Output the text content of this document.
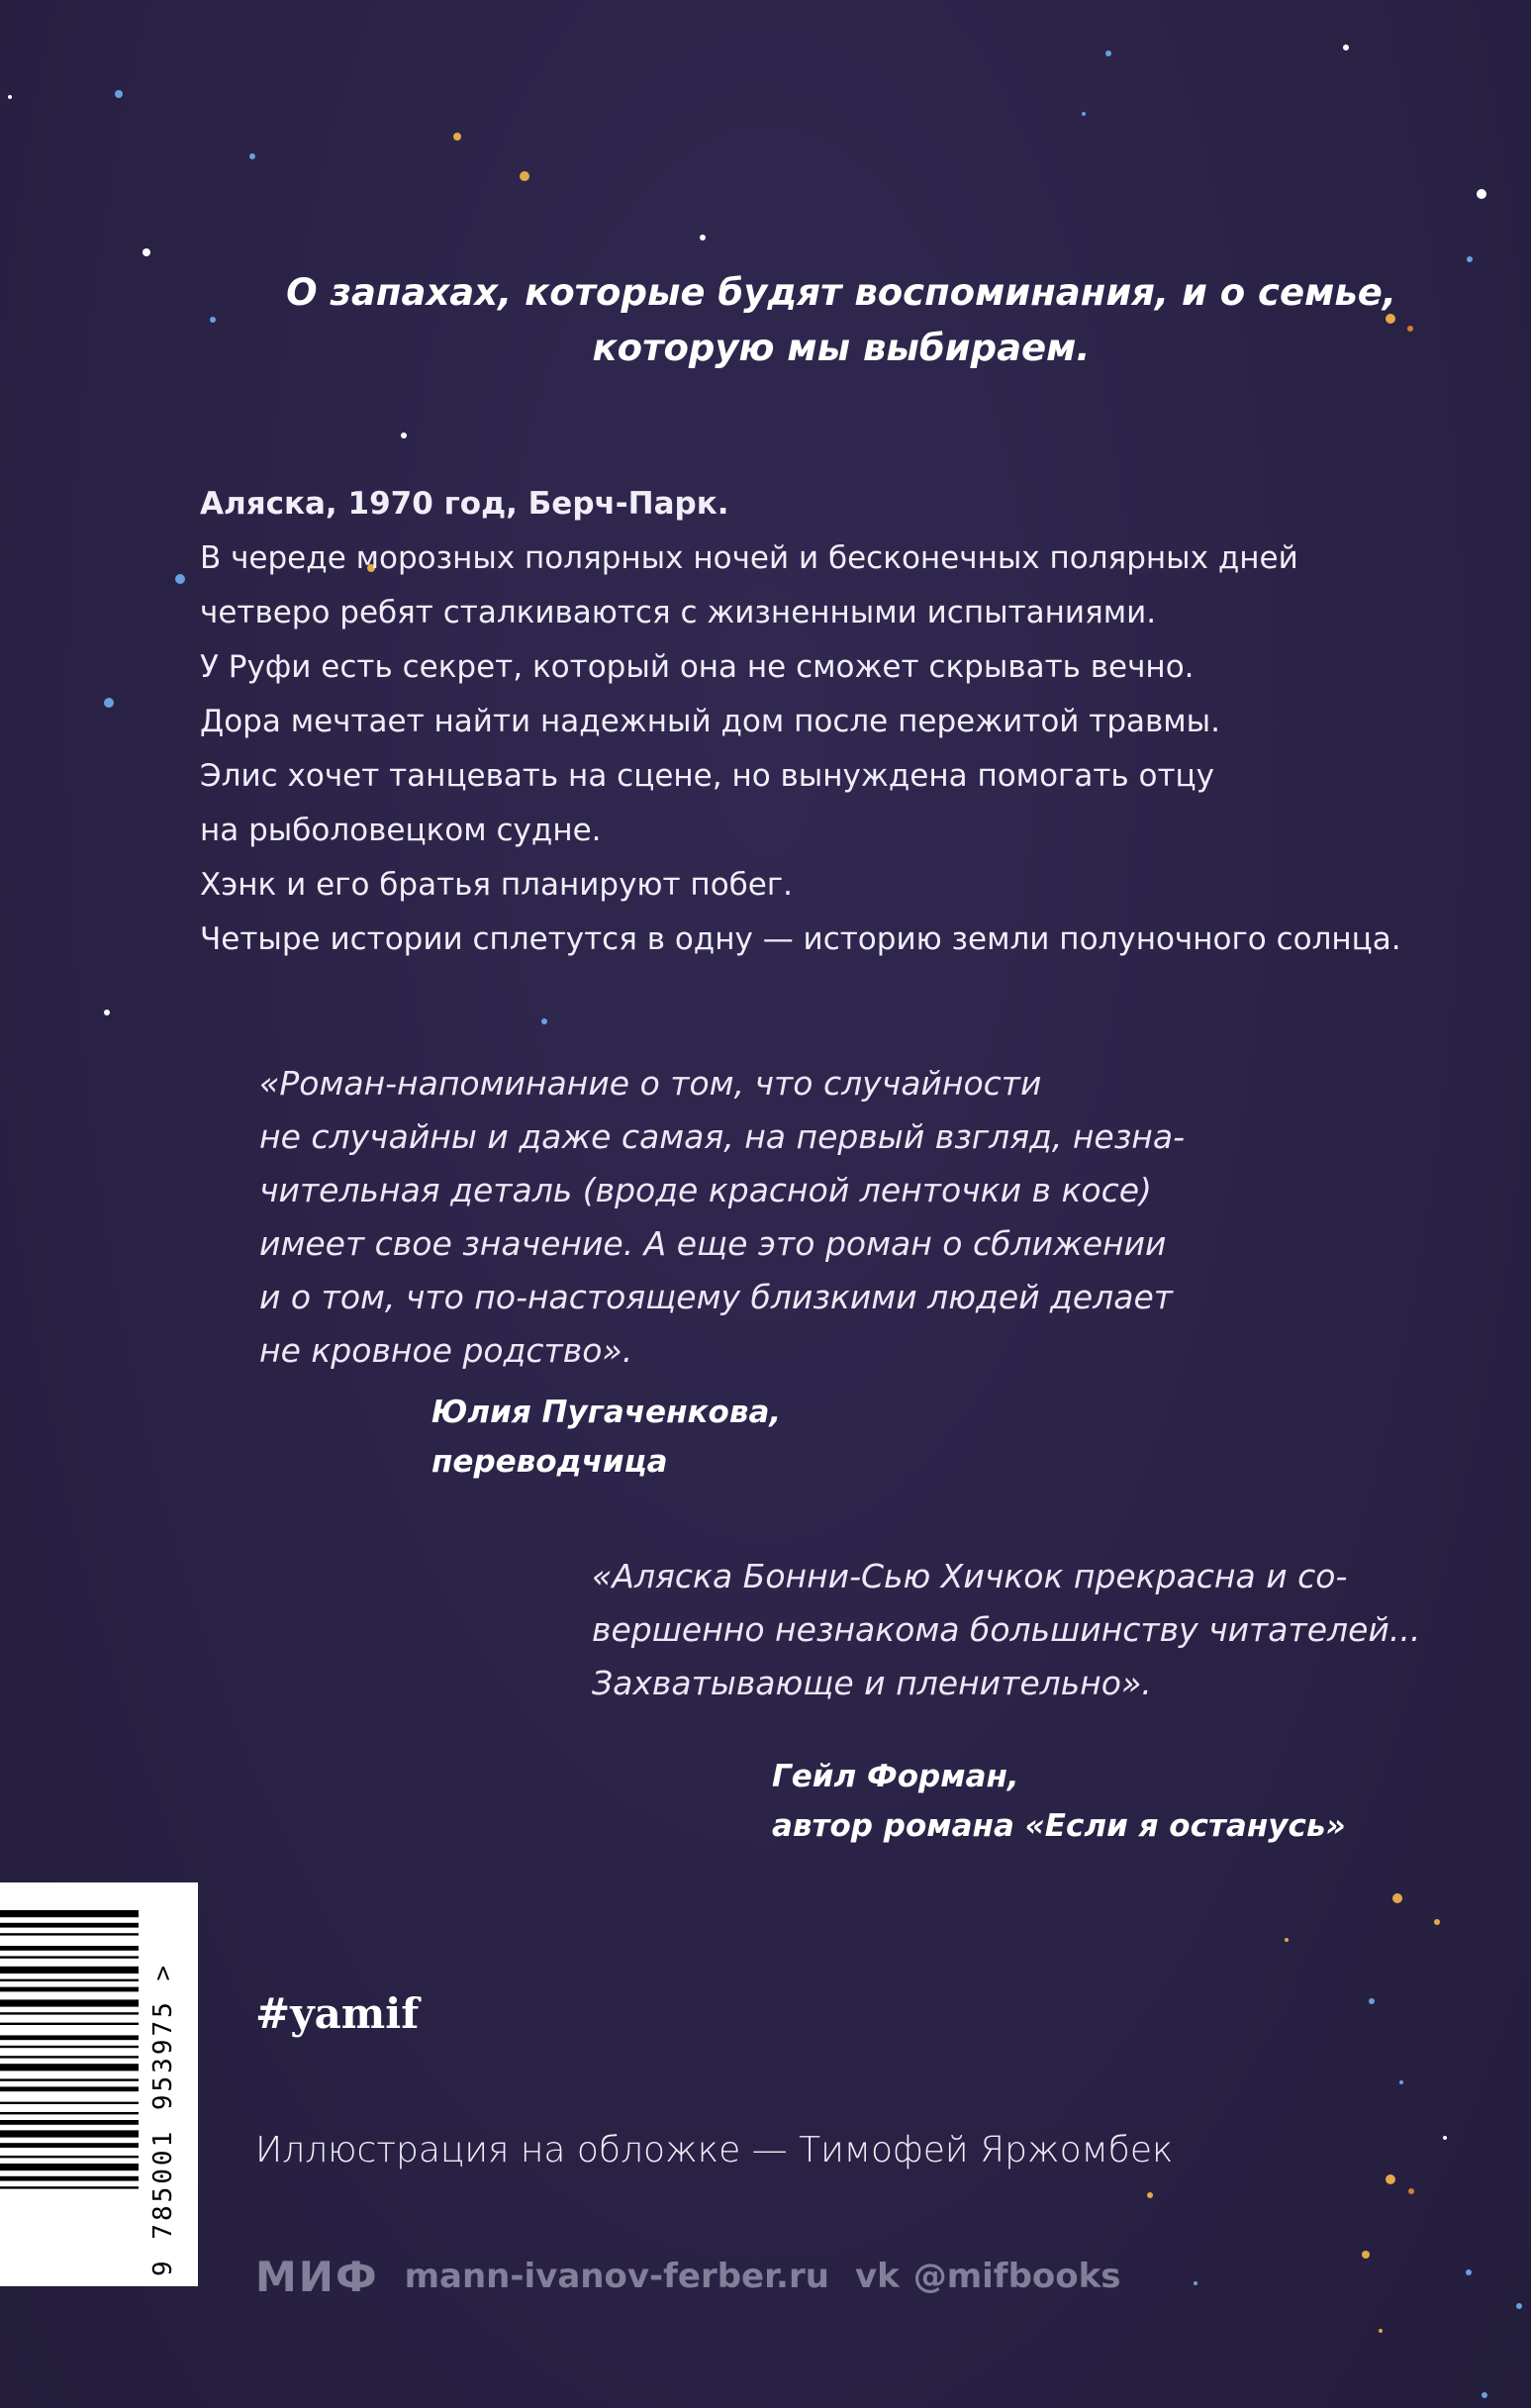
О запахах, которые будят воспоминания, и о семье,
которую мы выбираем.
Аляска, 1970 год, Берч-Парк.
В череде морозных полярных ночей и бесконечных полярных дней
четверо ребят сталкиваются с жизненными испытаниями.
У Руфи есть секрет, который она не сможет скрывать вечно.
Дора мечтает найти надежный дом после пережитой травмы.
Элис хочет танцевать на сцене, но вынуждена помогать отцу
на рыболовецком судне.
Хэнк и его братья планируют побег.
Четыре истории сплетутся в одну — историю земли полуночного солнца.
«Роман-напоминание о том, что случайности
не случайны и даже самая, на первый взгляд, незна-
чительная деталь (вроде красной ленточки в косе)
имеет свое значение. А еще это роман о сближении
и о том, что по-настоящему близкими людей делает
не кровное родство».
Юлия Пугаченкова,
переводчица
«Аляска Бонни-Сью Хичкок прекрасна и со-
вершенно незнакома большинству читателей...
Захватывающе и пленительно».
Гейл Форман,
автор романа «Если я останусь»
9 785001 953975 > #yamif
Иллюстрация на обложке — Тимофей Яржомбек
МИФ mann-ivanov-ferber.ru vk @mifbooks
